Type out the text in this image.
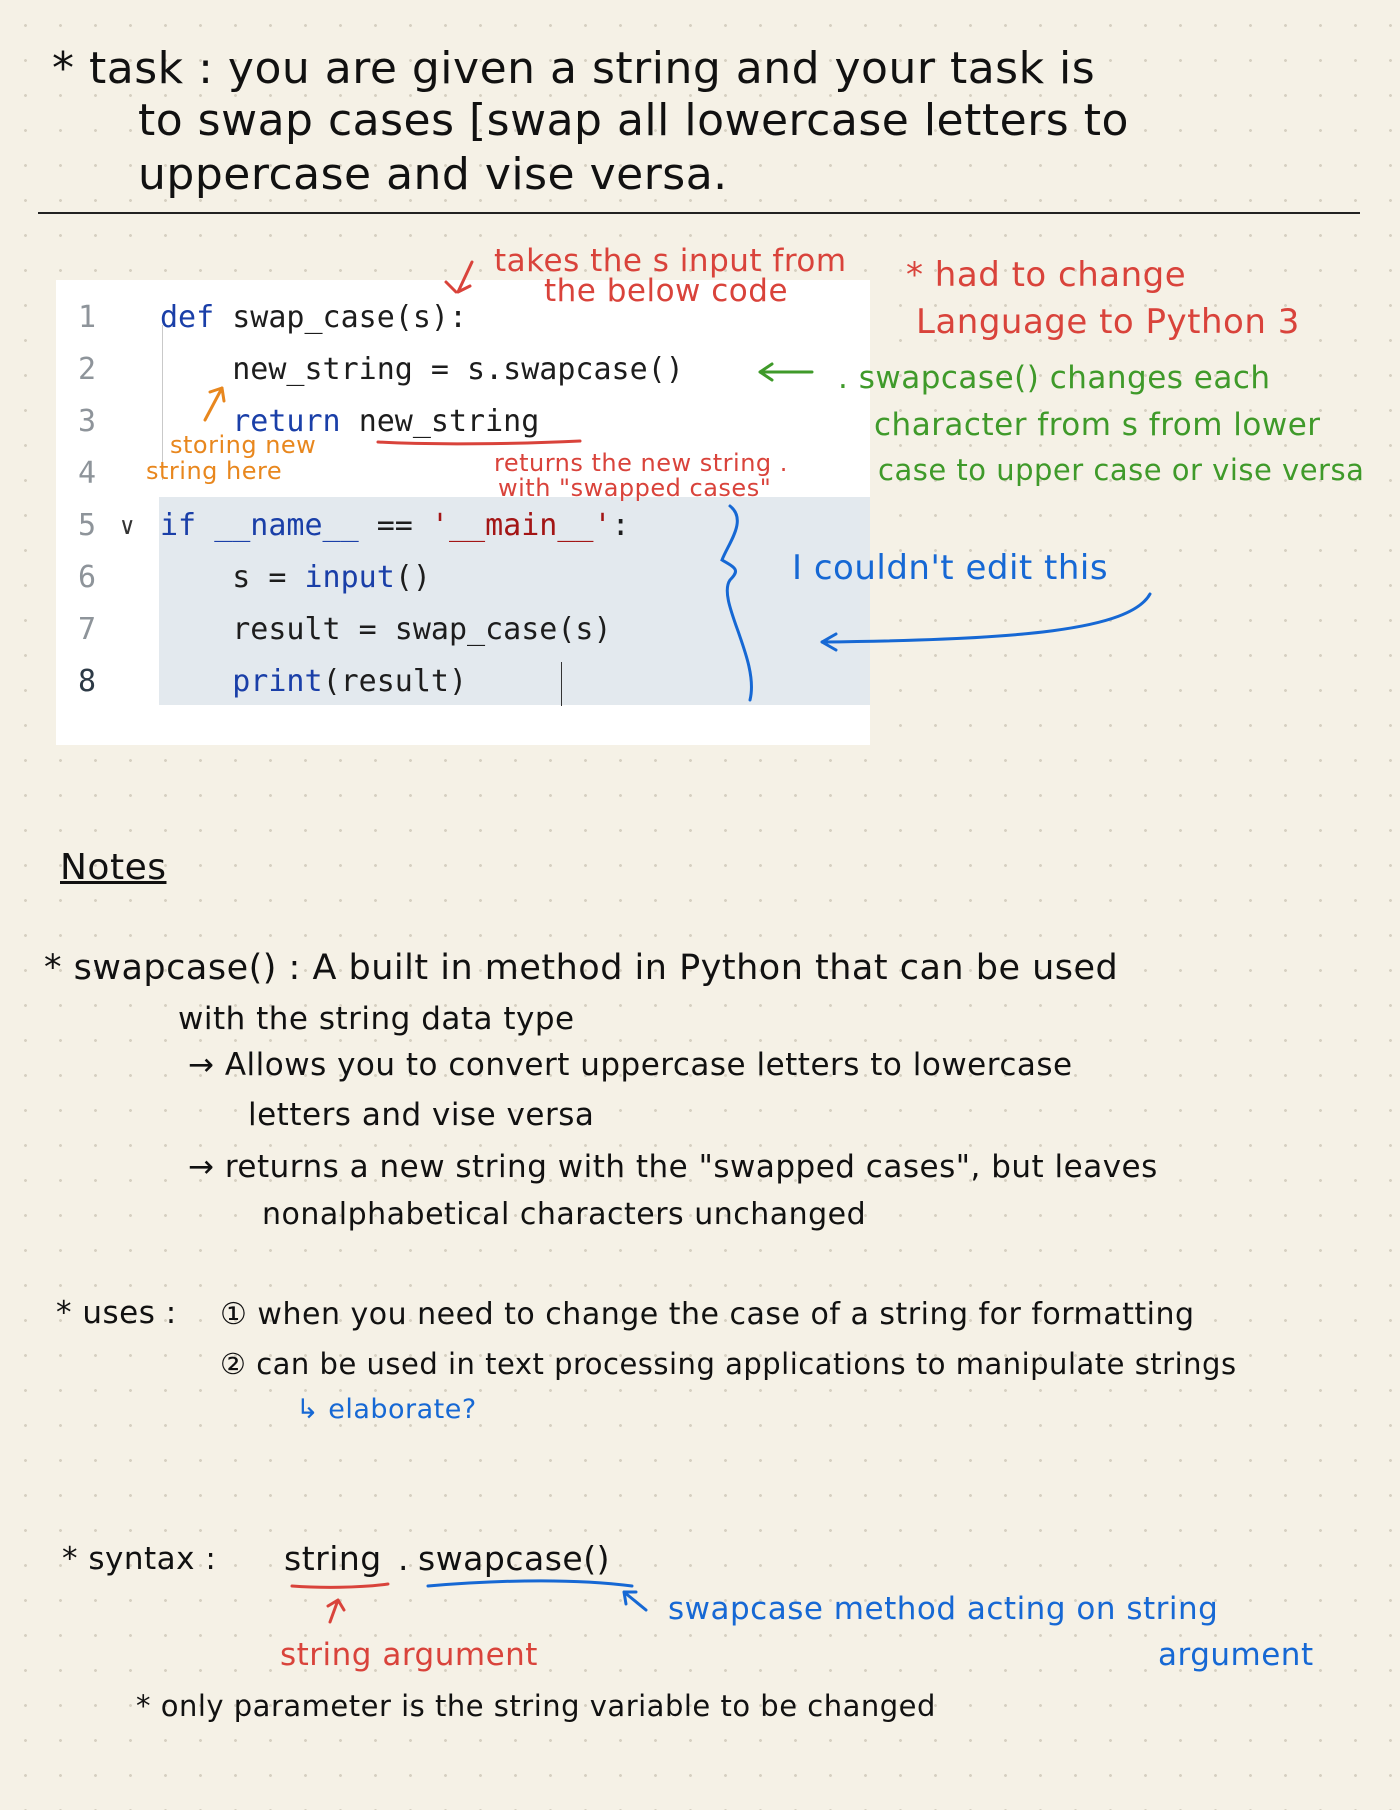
* task : you are given a string and your task is
to swap cases [swap all lowercase letters to
uppercase and vise versa.
1	def swap_case(s):
2	new_string = s.swapcase()
3	return new_string
4
5 ∨ if __name__ == '__main__':
6	s = input()
7	result = swap_case(s)
8	print(result)
takes the s input from
the below code	* had to change
Language to Python 3
. swapcase() changes each
character from s from lower
case to upper case or vise versa
storing new
string here	returns the new string .
with "swapped cases"
I couldn't edit this
Notes
* swapcase() : A built in method in Python that can be used
with the string data type
→ Allows you to convert uppercase letters to lowercase
letters and vise versa
→ returns a new string with the "swapped cases", but leaves
nonalphabetical characters unchanged
* uses : ① when you need to change the case of a string for formatting
② can be used in text processing applications to manipulate strings
↳ elaborate?
* syntax : string . swapcase()
string argument
swapcase method acting on string
argument
* only parameter is the string variable to be changed
